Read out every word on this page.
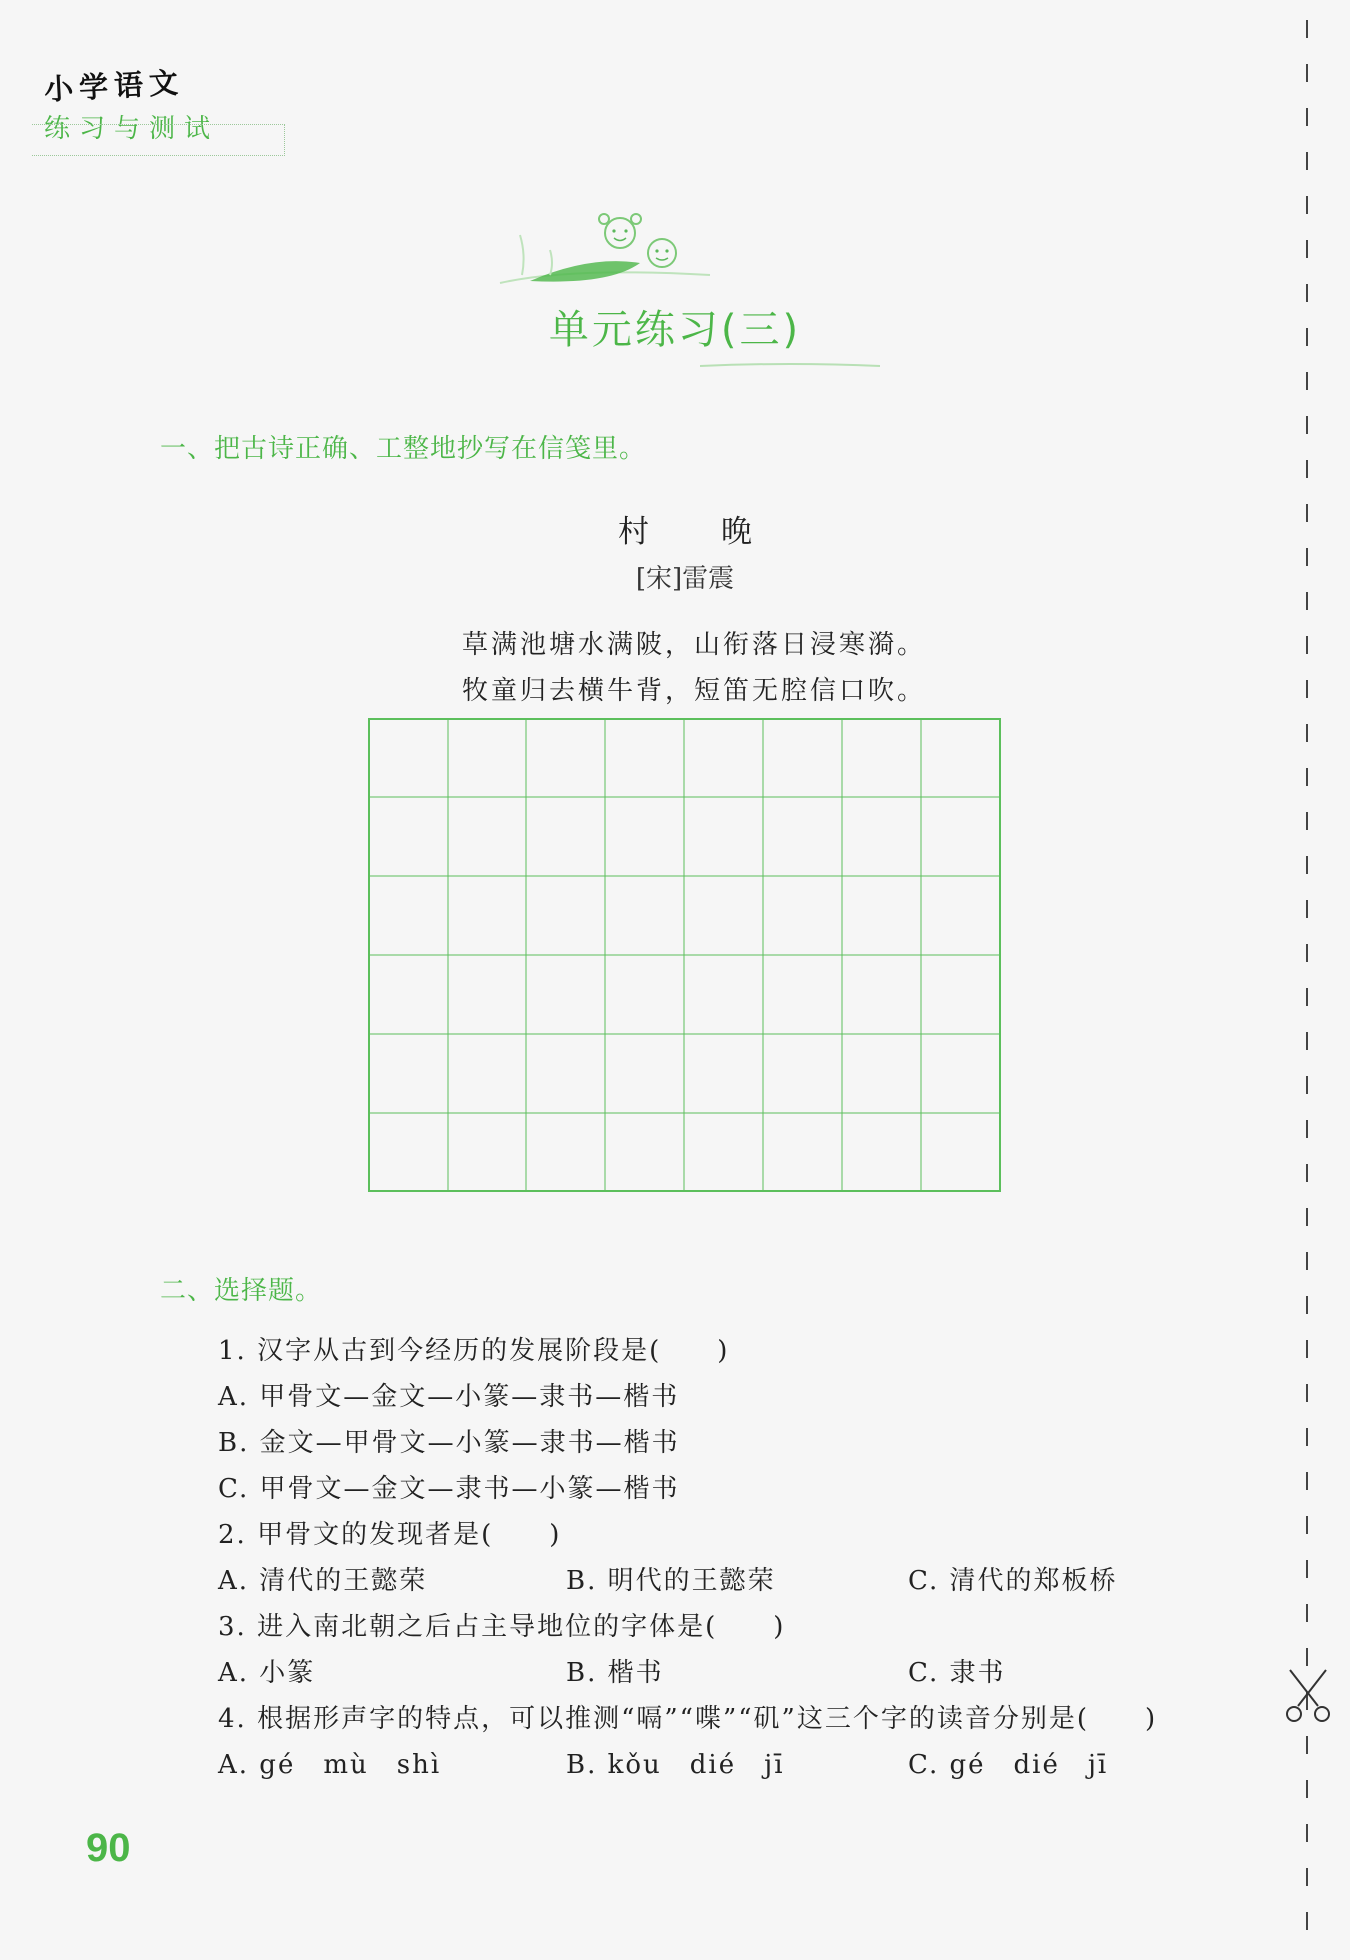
小学语文
练习与测试
单元练习(三)
一、把古诗正确、工整地抄写在信笺里。
村 晚
[宋]雷震
草满池塘水满陂，山衔落日浸寒漪。
牧童归去横牛背，短笛无腔信口吹。
二、选择题。
1. 汉字从古到今经历的发展阶段是(　　)
A. 甲骨文—金文—小篆—隶书—楷书
B. 金文—甲骨文—小篆—隶书—楷书
C. 甲骨文—金文—隶书—小篆—楷书
2. 甲骨文的发现者是(　　)
A. 清代的王懿荣	B. 明代的王懿荣	C. 清代的郑板桥
3. 进入南北朝之后占主导地位的字体是(　　)
A. 小篆	B. 楷书	C. 隶书
4. 根据形声字的特点，可以推测“嗝”“喋”“矶”这三个字的读音分别是(　　)
A. gé　mù　shì	B. kǒu　dié　jī	C. gé　dié　jī
90
